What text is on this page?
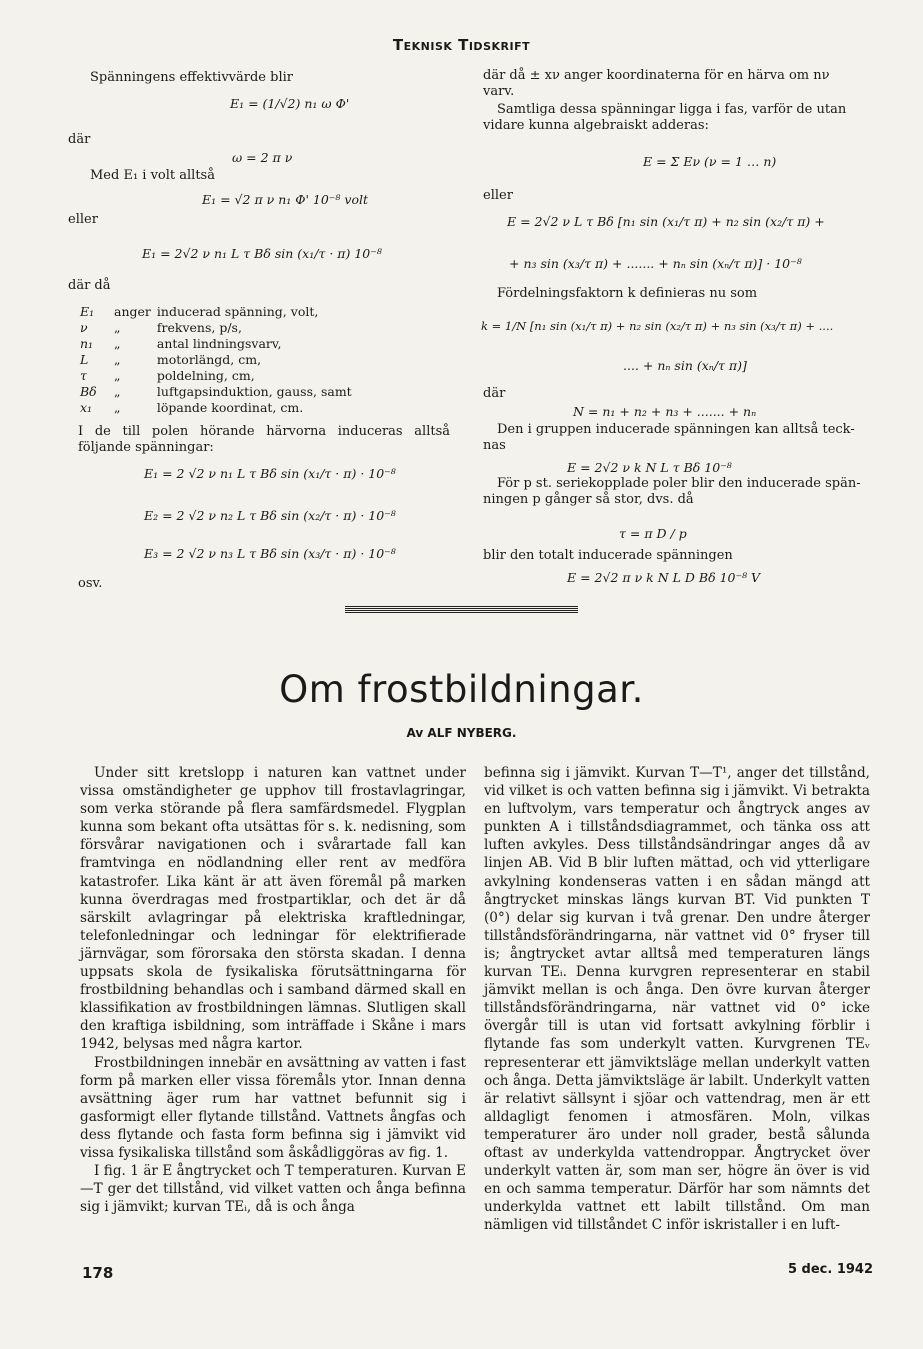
Teknisk Tidskrift
Spänningens effektivvärde blir
E₁ = (1/√2) n₁ ω Φ'
där
ω = 2 π ν
Med E₁ i volt alltså
E₁ = √2 π ν n₁ Φ' 10⁻⁸ volt
eller
E₁ = 2√2 ν n₁ L τ Bδ sin (x₁/τ · π) 10⁻⁸
där då
E₁	anger	inducerad spänning, volt,
ν	„	frekvens, p/s,
n₁	„	antal lindningsvarv,
L	„	motorlängd, cm,
τ	„	poldelning, cm,
Bδ	„	luftgapsinduktion, gauss, samt
x₁	„	löpande koordinat, cm.
I de till polen hörande härvorna induceras alltså följande spänningar:
E₁ = 2 √2 ν n₁ L τ Bδ sin (x₁/τ · π) · 10⁻⁸
E₂ = 2 √2 ν n₂ L τ Bδ sin (x₂/τ · π) · 10⁻⁸
E₃ = 2 √2 ν n₃ L τ Bδ sin (x₃/τ · π) · 10⁻⁸
osv.
där då ± xν anger koordinaterna för en härva om nν
varv.
Samtliga dessa spänningar ligga i fas, varför de utan
vidare kunna algebraiskt adderas:
E = Σ Eν (ν = 1 … n)
eller
E = 2√2 ν L τ Bδ [n₁ sin (x₁/τ π) + n₂ sin (x₂/τ π) +
+ n₃ sin (x₃/τ π) + ....... + nₙ sin (xₙ/τ π)] · 10⁻⁸
Fördelningsfaktorn k definieras nu som
k = 1/N [n₁ sin (x₁/τ π) + n₂ sin (x₂/τ π) + n₃ sin (x₃/τ π) + ....
.... + nₙ sin (xₙ/τ π)]
där
N = n₁ + n₂ + n₃ + ....... + nₙ
Den i gruppen inducerade spänningen kan alltså teck-
nas
E = 2√2 ν k N L τ Bδ 10⁻⁸
För p st. seriekopplade poler blir den inducerade spän-
ningen p gånger så stor, dvs. då
τ = π D / p
blir den totalt inducerade spänningen
E = 2√2 π ν k N L D Bδ 10⁻⁸ V
Om frostbildningar.
Av ALF NYBERG.

Under sitt kretslopp i naturen kan vattnet under vissa omständigheter ge upphov till frostavlagringar, som verka störande på flera samfärdsmedel. Flygplan kunna som bekant ofta utsättas för s. k. nedisning, som försvårar navigationen och i svårartade fall kan framtvinga en nödlandning eller rent av medföra katastrofer. Lika känt är att även föremål på marken kunna överdragas med frostpartiklar, och det är då särskilt avlagringar på elektriska kraftledningar, telefonledningar och ledningar för elektrifierade järnvägar, som förorsaka den största skadan. I denna uppsats skola de fysikaliska förutsättningarna för frostbildning behandlas och i samband därmed skall en klassifikation av frostbildningen lämnas. Slutligen skall den kraftiga isbildning, som inträffade i Skåne i mars 1942, belysas med några kartor.

Frostbildningen innebär en avsättning av vatten i fast form på marken eller vissa föremåls ytor. Innan denna avsättning äger rum har vattnet befunnit sig i gasformigt eller flytande tillstånd. Vattnets ångfas och dess flytande och fasta form befinna sig i jämvikt vid vissa fysikaliska tillstånd som åskådliggöras av fig. 1.

I fig. 1 är E ångtrycket och T temperaturen. Kurvan E—T ger det tillstånd, vid vilket vatten och ånga befinna sig i jämvikt; kurvan TEᵢ, då is och ånga

befinna sig i jämvikt. Kurvan T—T¹, anger det tillstånd, vid vilket is och vatten befinna sig i jämvikt. Vi betrakta en luftvolym, vars temperatur och ångtryck anges av punkten A i tillståndsdiagrammet, och tänka oss att luften avkyles. Dess tillståndsändringar anges då av linjen AB. Vid B blir luften mättad, och vid ytterligare avkylning kondenseras vatten i en sådan mängd att ångtrycket minskas längs kurvan BT. Vid punkten T (0°) delar sig kurvan i två grenar. Den undre återger tillståndsförändringarna, när vattnet vid 0° fryser till is; ångtrycket avtar alltså med temperaturen längs kurvan TEᵢ. Denna kurvgren representerar en stabil jämvikt mellan is och ånga. Den övre kurvan återger tillståndsförändringarna, när vattnet vid 0° icke övergår till is utan vid fortsatt avkylning förblir i flytande fas som underkylt vatten. Kurvgrenen TEᵥ representerar ett jämviktsläge mellan underkylt vatten och ånga. Detta jämviktsläge är labilt. Underkylt vatten är relativt sällsynt i sjöar och vattendrag, men är ett alldagligt fenomen i atmosfären. Moln, vilkas temperaturer äro under noll grader, bestå sålunda oftast av underkylda vattendroppar. Ångtrycket över underkylt vatten är, som man ser, högre än över is vid en och samma temperatur. Därför har som nämnts det underkylda vattnet ett labilt tillstånd. Om man nämligen vid tillståndet C inför iskristaller i en luft-

178	5 dec. 1942
